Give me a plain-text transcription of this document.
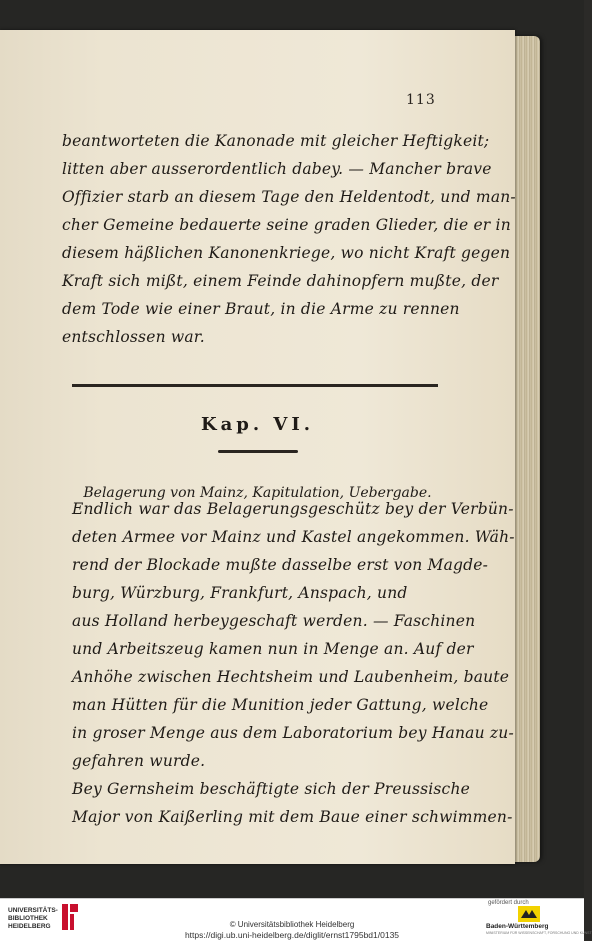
113
beantworteten die Kanonade mit gleicher Heftigkeit;
litten aber ausserordentlich dabey. — Mancher brave
Offizier starb an diesem Tage den Heldentodt, und man-
cher Gemeine bedauerte seine graden Glieder, die er in
diesem häßlichen Kanonenkriege, wo nicht Kraft gegen
Kraft sich mißt, einem Feinde dahinopfern mußte, der
dem Tode wie einer Braut, in die Arme zu rennen
entschlossen war.
Kap. VI.
Belagerung von Mainz, Kapitulation, Uebergabe.
Endlich war das Belagerungsgeschütz bey der Verbün-
deten Armee vor Mainz und Kastel angekommen. Wäh-
rend der Blockade mußte dasselbe erst von Magde-
burg, Würzburg, Frankfurt, Anspach, und
aus Holland herbeygeschaft werden. — Faschinen
und Arbeitszeug kamen nun in Menge an. Auf der
Anhöhe zwischen Hechtsheim und Laubenheim, baute
man Hütten für die Munition jeder Gattung, welche
in groser Menge aus dem Laboratorium bey Hanau zu-
gefahren wurde.
Bey Gernsheim beschäftigte sich der Preussische
Major von Kaißerling mit dem Baue einer schwimmen-
UNIVERSITÄTS-
BIBLIOTHEK
HEIDELBERG	© Universitätsbibliothek Heidelberg
https://digi.ub.uni-heidelberg.de/diglit/ernst1795bd1/0135
gefördert durch
Baden-Württemberg
MINISTERIUM FÜR WISSENSCHAFT, FORSCHUNG UND KUNST
